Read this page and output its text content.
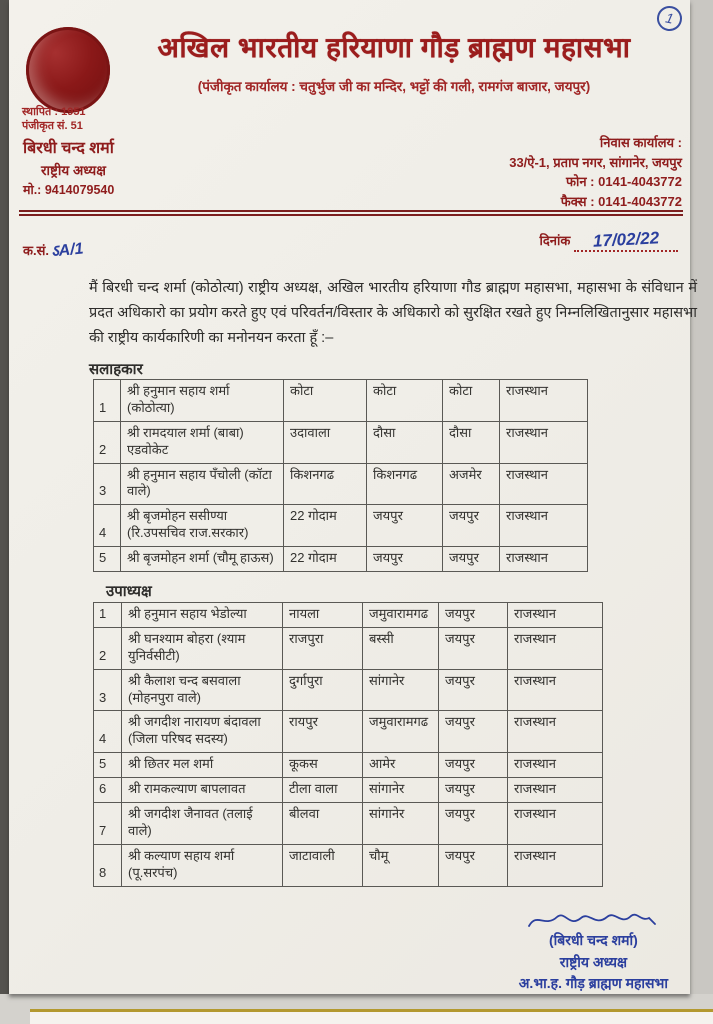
1
अखिल भारतीय हरियाणा गौड़ ब्राह्मण महासभा
(पंजीकृत कार्यालय : चतुर्भुज जी का मन्दिर, भट्टों की गली, रामगंज बाजार, जयपुर)
स्थापित : 1951
पंजीकृत सं. 51
बिरधी चन्द शर्मा
राष्ट्रीय अध्यक्ष
मो.: 9414079540
निवास कार्यालय :
33/ऐ-1, प्रताप नगर, सांगानेर, जयपुर
फोन : 0141-4043772
फैक्स : 0141-4043772
क.सं.ऽA/1	दिनांक 17/02/22
मैं बिरधी चन्द शर्मा (कोठोत्या) राष्ट्रीय अध्यक्ष, अखिल भारतीय हरियाणा गौड ब्राह्मण महासभा, महासभा के संविधान में प्रदत अधिकारो का प्रयोग करते हुए एवं परिवर्तन/विस्तार के अधिकारो को सुरक्षित रखते हुए निम्नलिखितानुसार महासभा की राष्ट्रीय कार्यकारिणी का मनोनयन करता हूँ :–
सलाहकार
1	श्री हनुमान सहाय शर्मा (कोठोत्या)	कोटा	कोटा	कोटा	राजस्थान
2	श्री रामदयाल शर्मा (बाबा) एडवोकेट	उदावाला	दौसा	दौसा	राजस्थान
3	श्री हनुमान सहाय पँचोली (कॉटा वाले)	किशनगढ	किशनगढ	अजमेर	राजस्थान
4	श्री बृजमोहन ससीण्या (रि.उपसचिव राज.सरकार)	22 गोदाम	जयपुर	जयपुर	राजस्थान
5	श्री बृजमोहन शर्मा (चौमू हाऊस)	22 गोदाम	जयपुर	जयपुर	राजस्थान
उपाध्यक्ष
1	श्री हनुमान सहाय भेडोल्या	नायला	जमुवारामगढ	जयपुर	राजस्थान
2	श्री घनश्याम बोहरा (श्याम युनिर्वसीटी)	राजपुरा	बस्सी	जयपुर	राजस्थान
3	श्री कैलाश चन्द बसवाला (मोहनपुरा वाले)	दुर्गापुरा	सांगानेर	जयपुर	राजस्थान
4	श्री जगदीश नारायण बंदावला (जिला परिषद सदस्य)	रायपुर	जमुवारामगढ	जयपुर	राजस्थान
5	श्री छितर मल शर्मा	कूकस	आमेर	जयपुर	राजस्थान
6	श्री रामकल्याण बापलावत	टीला वाला	सांगानेर	जयपुर	राजस्थान
7	श्री जगदीश जैनावत (तलाई वाले)	बीलवा	सांगानेर	जयपुर	राजस्थान
8	श्री कल्याण सहाय शर्मा (पू.सरपंच)	जाटावाली	चौमू	जयपुर	राजस्थान
(बिरधी चन्द शर्मा)
राष्ट्रीय अध्यक्ष
अ.भा.ह. गौड़ ब्राह्मण महासभा
